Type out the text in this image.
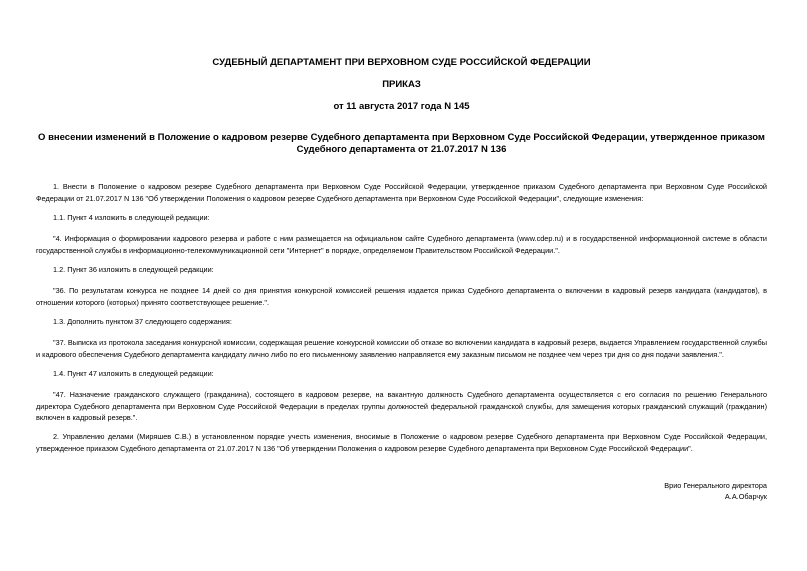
СУДЕБНЫЙ ДЕПАРТАМЕНТ ПРИ ВЕРХОВНОМ СУДЕ РОССИЙСКОЙ ФЕДЕРАЦИИ
ПРИКАЗ
от 11 августа 2017 года N 145
О внесении изменений в Положение о кадровом резерве Судебного департамента при Верховном Суде Российской Федерации, утвержденное приказом Судебного департамента от 21.07.2017 N 136

1. Внести в Положение о кадровом резерве Судебного департамента при Верховном Суде Российской Федерации, утвержденное приказом Судебного департамента при Верховном Суде Российской Федерации от 21.07.2017 N 136 "Об утверждении Положения о кадровом резерве Судебного департамента при Верховном Суде Российской Федерации", следующие изменения:

1.1. Пункт 4 изложить в следующей редакции:

"4. Информация о формировании кадрового резерва и работе с ним размещается на официальном сайте Судебного департамента (www.cdep.ru) и в государственной информационной системе в области государственной службы в информационно-телекоммуникационной сети "Интернет" в порядке, определяемом Правительством Российской Федерации.".

1.2. Пункт 36 изложить в следующей редакции:

"36. По результатам конкурса не позднее 14 дней со дня принятия конкурсной комиссией решения издается приказ Судебного департамента о включении в кадровый резерв кандидата (кандидатов), в отношении которого (которых) принято соответствующее решение.".

1.3. Дополнить пунктом 37 следующего содержания:

"37. Выписка из протокола заседания конкурсной комиссии, содержащая решение конкурсной комиссии об отказе во включении кандидата в кадровый резерв, выдается Управлением государственной службы и кадрового обеспечения Судебного департамента кандидату лично либо по его письменному заявлению направляется ему заказным письмом не позднее чем через три дня со дня подачи заявления.".

1.4. Пункт 47 изложить в следующей редакции:

"47. Назначение гражданского служащего (гражданина), состоящего в кадровом резерве, на вакантную должность Судебного департамента осуществляется с его согласия по решению Генерального директора Судебного департамента при Верховном Суде Российской Федерации в пределах группы должностей федеральной гражданской службы, для замещения которых гражданский служащий (гражданин) включен в кадровый резерв.".

2. Управлению делами (Миряшев С.В.) в установленном порядке учесть изменения, вносимые в Положение о кадровом резерве Судебного департамента при Верховном Суде Российской Федерации, утвержденное приказом Судебного департамента от 21.07.2017 N 136 "Об утверждении Положения о кадровом резерве Судебного департамента при Верховном Суде Российской Федерации".

Врио Генерального директора
А.А.Обарчук
